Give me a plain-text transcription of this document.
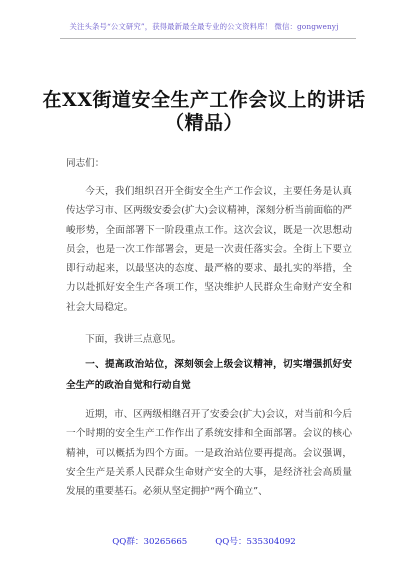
关注头条号“公文研究”，获得最新最全最专业的公文资料库！ 微信：gongwenyj
在XX街道安全生产工作会议上的讲话
（精品）
同志们：
今天，我们组织召开全街安全生产工作会议，主要任务是认真传达学习市、区两级安委会(扩大)会议精神，深刻分析当前面临的严峻形势，全面部署下一阶段重点工作。这次会议，既是一次思想动员会，也是一次工作部署会，更是一次责任落实会。全街上下要立即行动起来，以最坚决的态度、最严格的要求、最扎实的举措，全力以赴抓好安全生产各项工作，坚决维护人民群众生命财产安全和社会大局稳定。
下面，我讲三点意见。
一、提高政治站位，深刻领会上级会议精神，切实增强抓好安全生产的政治自觉和行动自觉
近期，市、区两级相继召开了安委会(扩大)会议，对当前和今后一个时期的安全生产工作作出了系统安排和全面部署。会议的核心精神，可以概括为四个方面。一是政治站位要再提高。会议强调，安全生产是关系人民群众生命财产安全的大事，是经济社会高质量发展的重要基石。必须从坚定拥护“两个确立”、
QQ群：30265665	QQ号：535304092
